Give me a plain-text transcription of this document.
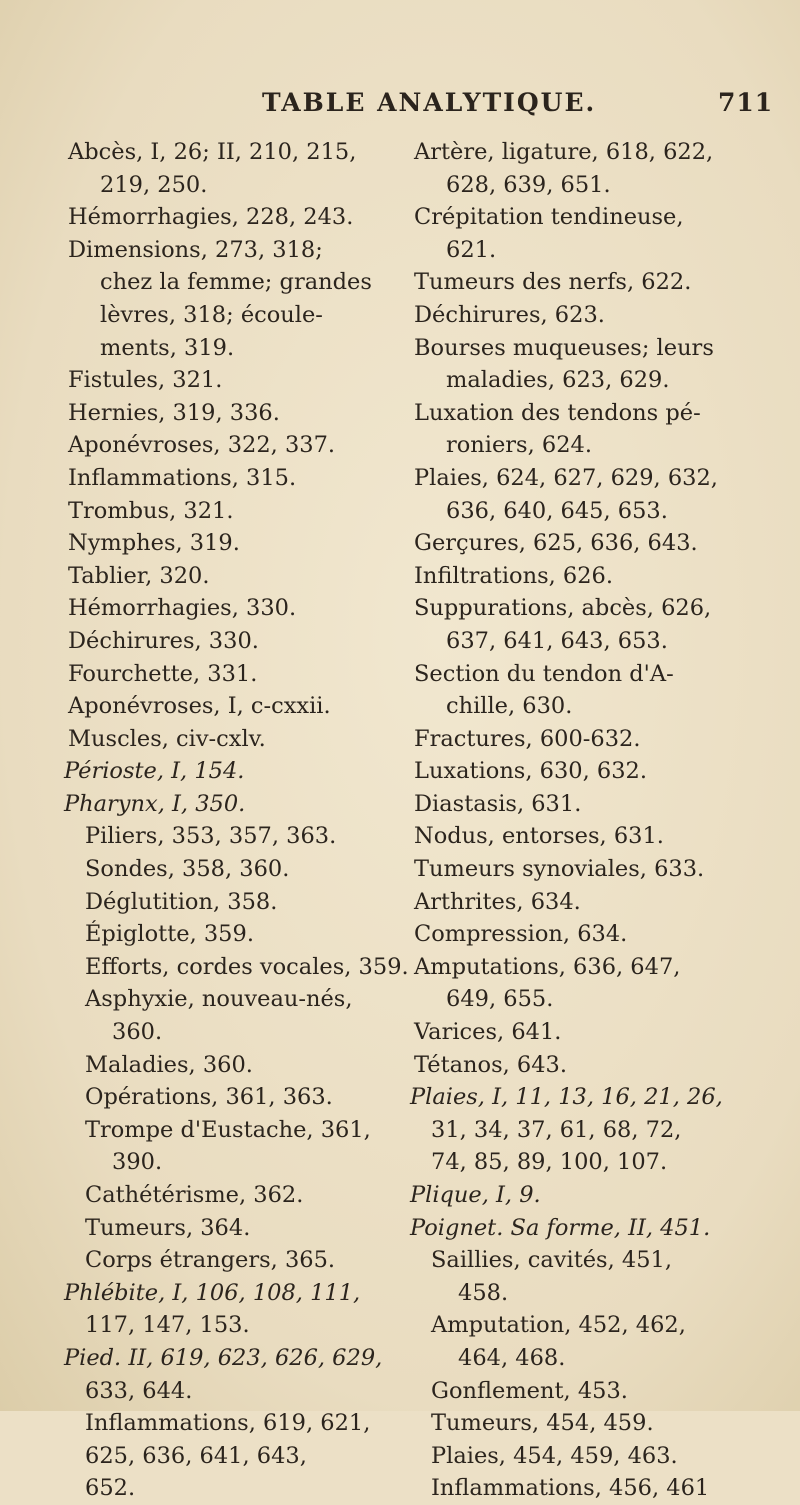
TABLE ANALYTIQUE.	711
Abcès, I, 26; II, 210, 215,
219, 250.
Hémorrhagies, 228, 243.
Dimensions, 273, 318;
chez la femme; grandes
lèvres, 318; écoule-
ments, 319.
Fistules, 321.
Hernies, 319, 336.
Aponévroses, 322, 337.
Inflammations, 315.
Trombus, 321.
Nymphes, 319.
Tablier, 320.
Hémorrhagies, 330.
Déchirures, 330.
Fourchette, 331.
Aponévroses, I, c-cxxii.
Muscles, civ-cxlv.
Périoste, I, 154.
Pharynx, I, 350.
Piliers, 353, 357, 363.
Sondes, 358, 360.
Déglutition, 358.
Épiglotte, 359.
Efforts, cordes vocales, 359.
Asphyxie, nouveau-nés,
360.
Maladies, 360.
Opérations, 361, 363.
Trompe d'Eustache, 361,
390.
Cathétérisme, 362.
Tumeurs, 364.
Corps étrangers, 365.
Phlébite, I, 106, 108, 111,
117, 147, 153.
Pied. II, 619, 623, 626, 629,
633, 644.
Inflammations, 619, 621,
625, 636, 641, 643,
652.
Artère, ligature, 618, 622,
628, 639, 651.
Crépitation tendineuse,
621.
Tumeurs des nerfs, 622.
Déchirures, 623.
Bourses muqueuses; leurs
maladies, 623, 629.
Luxation des tendons pé-
roniers, 624.
Plaies, 624, 627, 629, 632,
636, 640, 645, 653.
Gerçures, 625, 636, 643.
Infiltrations, 626.
Suppurations, abcès, 626,
637, 641, 643, 653.
Section du tendon d'A-
chille, 630.
Fractures, 600-632.
Luxations, 630, 632.
Diastasis, 631.
Nodus, entorses, 631.
Tumeurs synoviales, 633.
Arthrites, 634.
Compression, 634.
Amputations, 636, 647,
649, 655.
Varices, 641.
Tétanos, 643.
Plaies, I, 11, 13, 16, 21, 26,
31, 34, 37, 61, 68, 72,
74, 85, 89, 100, 107.
Plique, I, 9.
Poignet. Sa forme, II, 451.
Saillies, cavités, 451,
458.
Amputation, 452, 462,
464, 468.
Gonflement, 453.
Tumeurs, 454, 459.
Plaies, 454, 459, 463.
Inflammations, 456, 461
